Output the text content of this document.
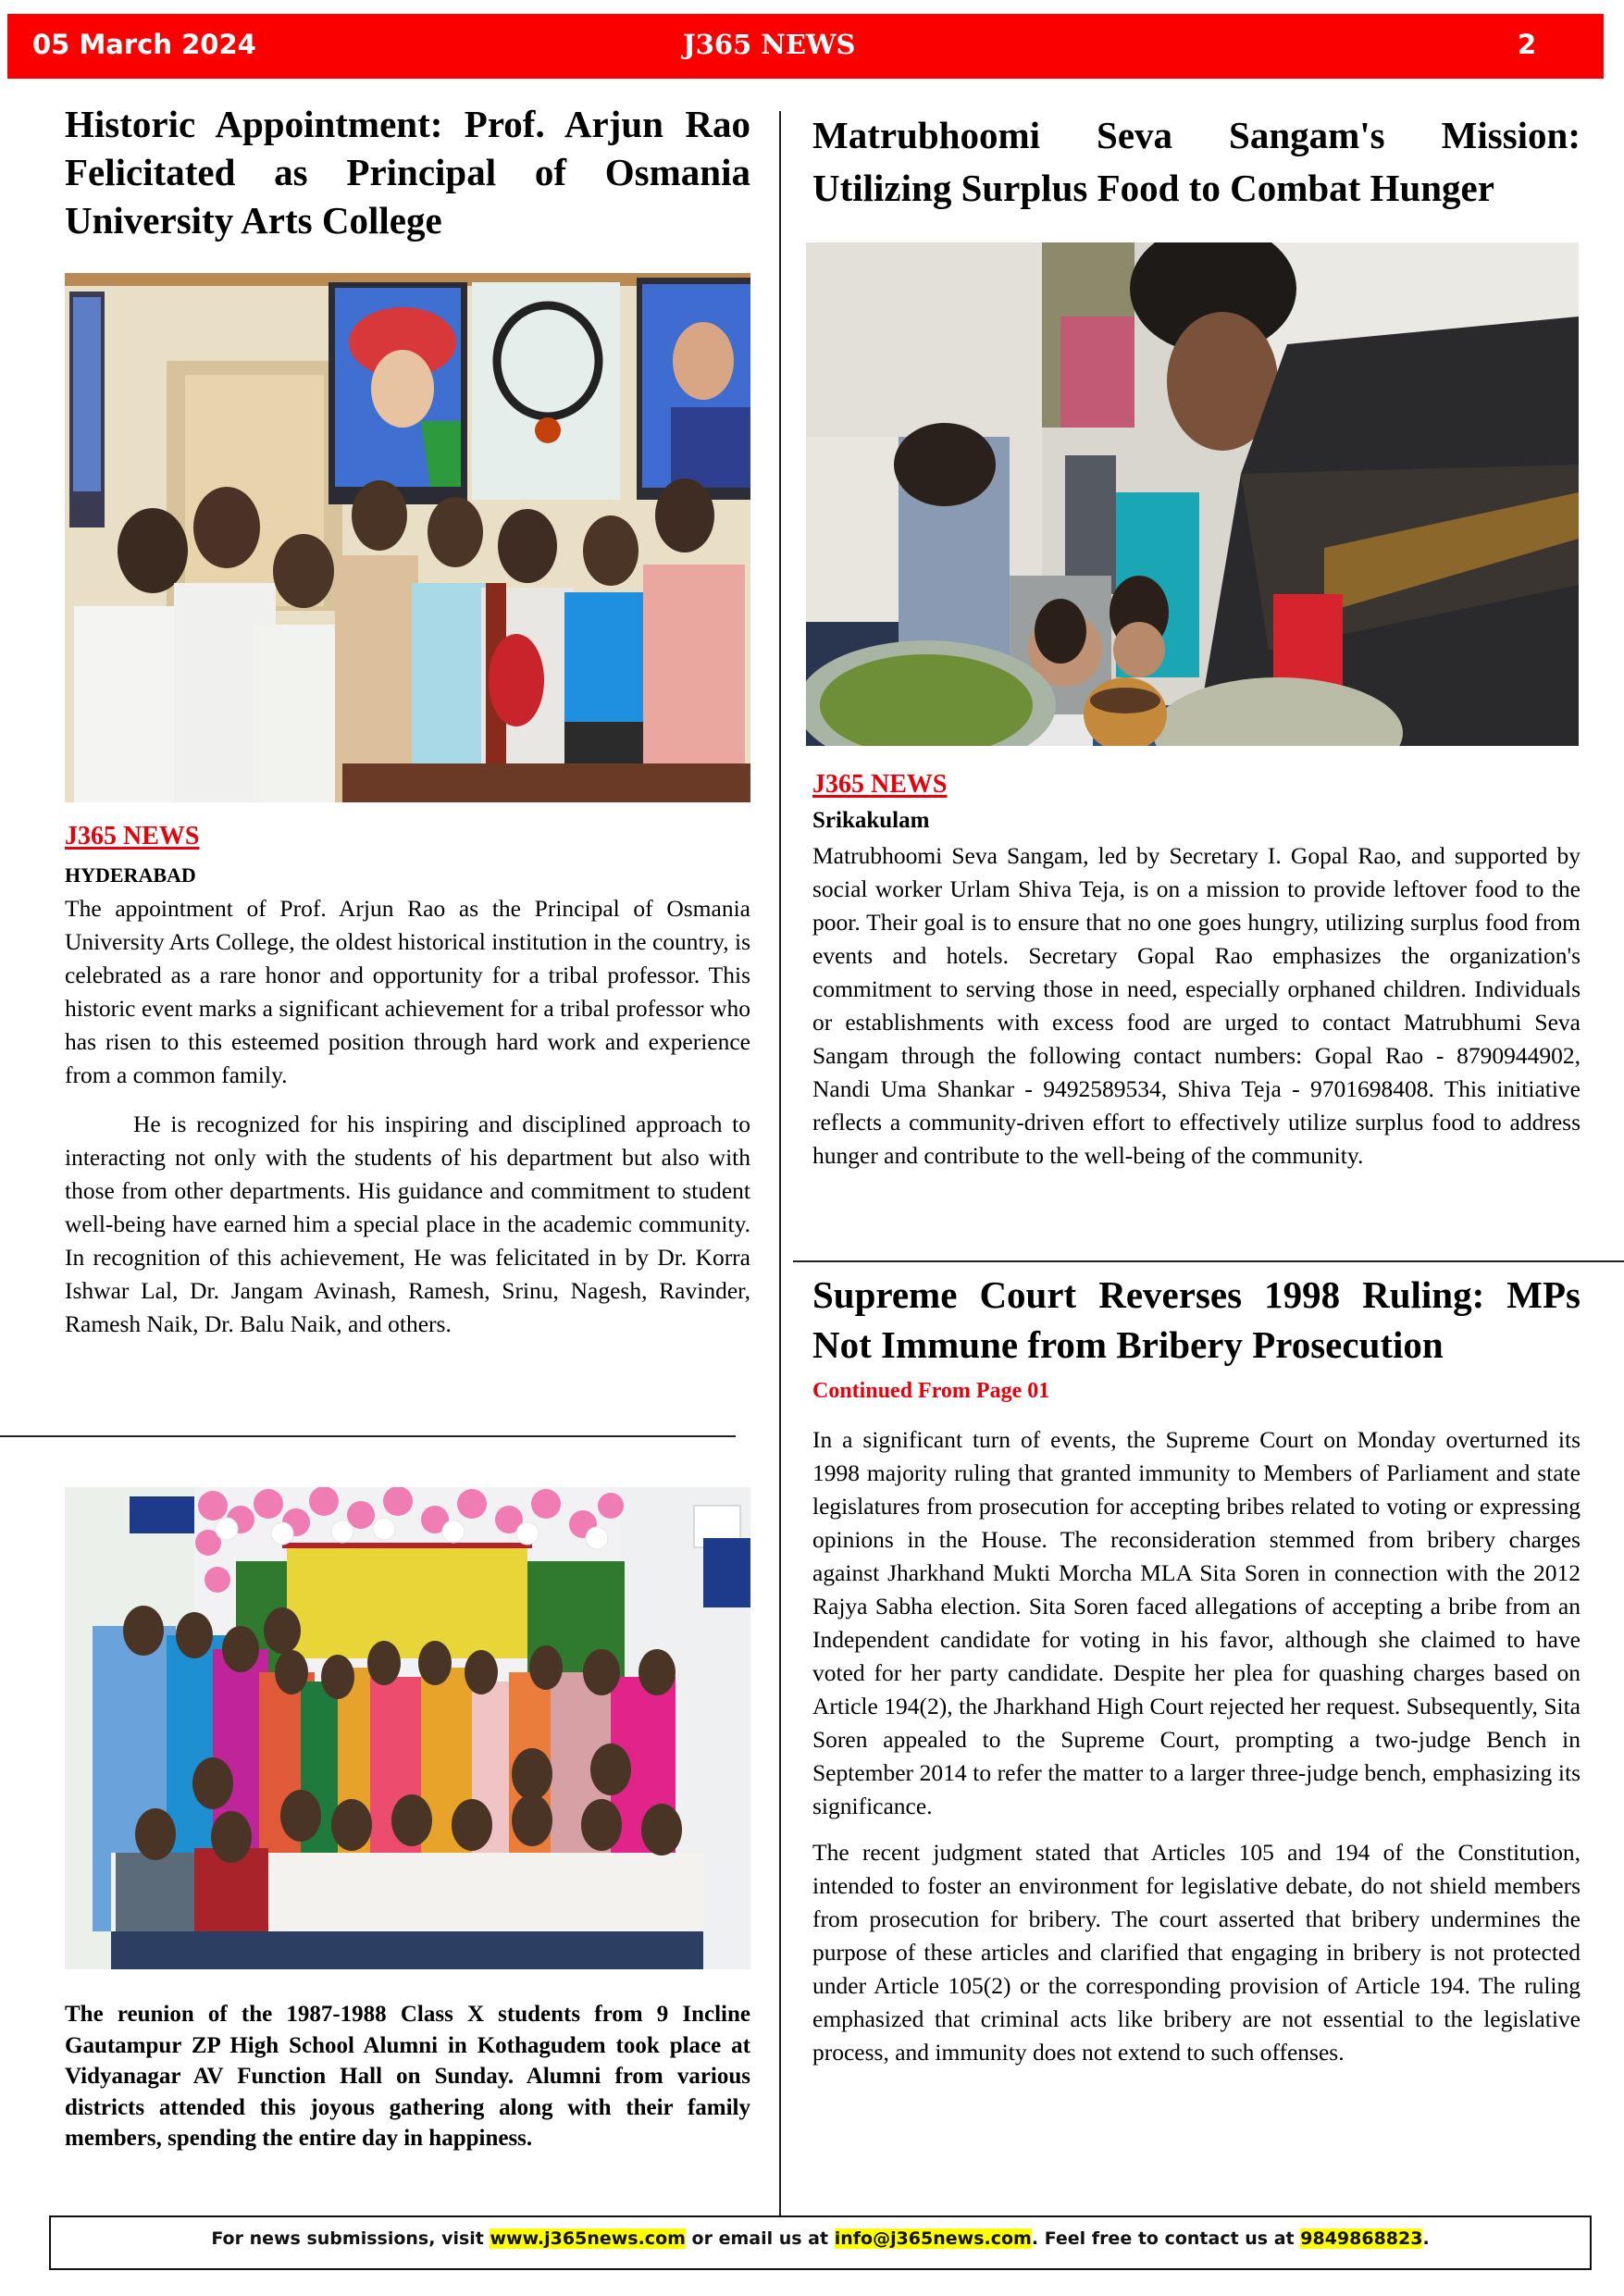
05 March 2024	J365 NEWS	2
Historic Appointment: Prof. Arjun Rao Felicitated as Principal of Osmania University Arts College
J365 NEWS
HYDERABAD

The appointment of Prof. Arjun Rao as the Principal of Osmania University Arts College, the oldest historical institution in the country, is celebrated as a rare honor and opportunity for a tribal professor. This historic event marks a significant achievement for a tribal professor who has risen to this esteemed position through hard work and experience from a common family.

He is recognized for his inspiring and disciplined approach to interacting not only with the students of his department but also with those from other departments. His guidance and commitment to student well-being have earned him a special place in the academic community. In recognition of this achievement, He was felicitated in by Dr. Korra Ishwar Lal, Dr. Jangam Avinash, Ramesh, Srinu, Nagesh, Ravinder, Ramesh Naik, Dr. Balu Naik, and others.

The reunion of the 1987-1988 Class X students from 9 Incline Gautampur ZP High School Alumni in Kothagudem took place at Vidyanagar AV Function Hall on Sunday. Alumni from various districts attended this joyous gathering along with their family members, spending the entire day in happiness.
Matrubhoomi Seva Sangam's Mission: Utilizing Surplus Food to Combat Hunger
J365 NEWS
Srikakulam

Matrubhoomi Seva Sangam, led by Secretary I. Gopal Rao, and supported by social worker Urlam Shiva Teja, is on a mission to provide leftover food to the poor. Their goal is to ensure that no one goes hungry, utilizing surplus food from events and hotels. Secretary Gopal Rao emphasizes the organization's commitment to serving those in need, especially orphaned children. Individuals or establishments with excess food are urged to contact Matrubhumi Seva Sangam through the following contact numbers: Gopal Rao - 8790944902, Nandi Uma Shankar - 9492589534, Shiva Teja - 9701698408. This initiative reflects a community-driven effort to effectively utilize surplus food to address hunger and contribute to the well-being of the community.

Supreme Court Reverses 1998 Ruling: MPs Not Immune from Bribery Prosecution
Continued From Page 01

In a significant turn of events, the Supreme Court on Monday overturned its 1998 majority ruling that granted immunity to Members of Parliament and state legislatures from prosecution for accepting bribes related to voting or expressing opinions in the House. The reconsideration stemmed from bribery charges against Jharkhand Mukti Morcha MLA Sita Soren in connection with the 2012 Rajya Sabha election. Sita Soren faced allegations of accepting a bribe from an Independent candidate for voting in his favor, although she claimed to have voted for her party candidate. Despite her plea for quashing charges based on Article 194(2), the Jharkhand High Court rejected her request. Subsequently, Sita Soren appealed to the Supreme Court, prompting a two-judge Bench in September 2014 to refer the matter to a larger three-judge bench, emphasizing its significance.

The recent judgment stated that Articles 105 and 194 of the Constitution, intended to foster an environment for legislative debate, do not shield members from prosecution for bribery. The court asserted that bribery undermines the purpose of these articles and clarified that engaging in bribery is not protected under Article 105(2) or the corresponding provision of Article 194. The ruling emphasized that criminal acts like bribery are not essential to the legislative process, and immunity does not extend to such offenses.

For news submissions, visit www.j365news.com or email us at info@j365news.com. Feel free to contact us at 9849868823.
